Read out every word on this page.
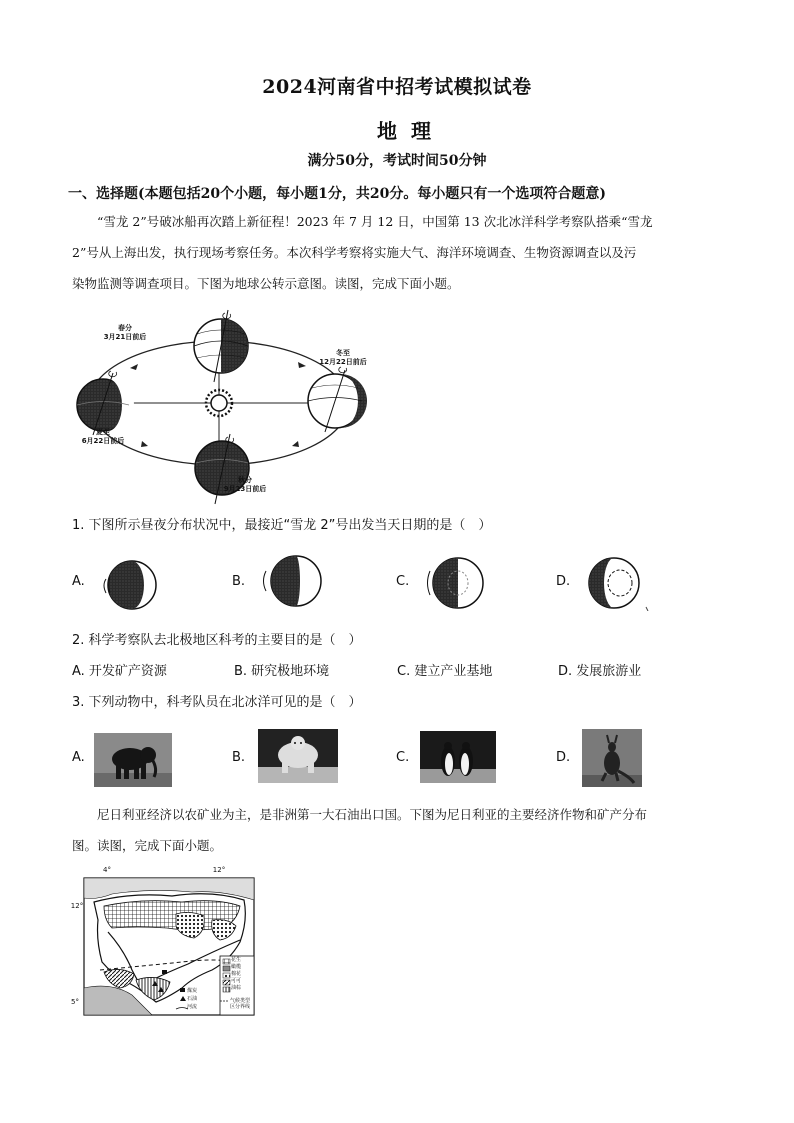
2024河南省中招考试模拟试卷
地理
满分50分，考试时间50分钟
一、选择题(本题包括20个小题，每小题1分，共20分。每小题只有一个选项符合题意)

“雪龙 2”号破冰船再次踏上新征程！2023 年 7 月 12 日，中国第 13 次北冰洋科学考察队搭乘“雪龙

2”号从上海出发，执行现场考察任务。本次科学考察将实施大气、海洋环境调查、生物资源调查以及污

染物监测等调查项目。下图为地球公转示意图。读图，完成下面小题。

春分
3月21日前后
冬至
12月22日前后
夏至
6月22日前后
秋分
9月23日前后
1. 下图所示昼夜分布状况中，最接近“雪龙 2”号出发当天日期的是（　）
A.	B.	C.	D.
2. 科学考察队去北极地区科考的主要目的是（　）
A. 开发矿产资源	B. 研究极地环境	C. 建立产业基地	D. 发展旅游业
3. 下列动物中，科考队员在北冰洋可见的是（　）
A.	B.	C.	D.

尼日利亚经济以农矿业为主，是非洲第一大石油出口国。下图为尼日利亚的主要经济作物和矿产分布

图。读图，完成下面小题。

4°	12°
12°
5°
花生
橄榄
棉花
可可
油棕
煤炭
石油
河流
气候类型
区分界线
